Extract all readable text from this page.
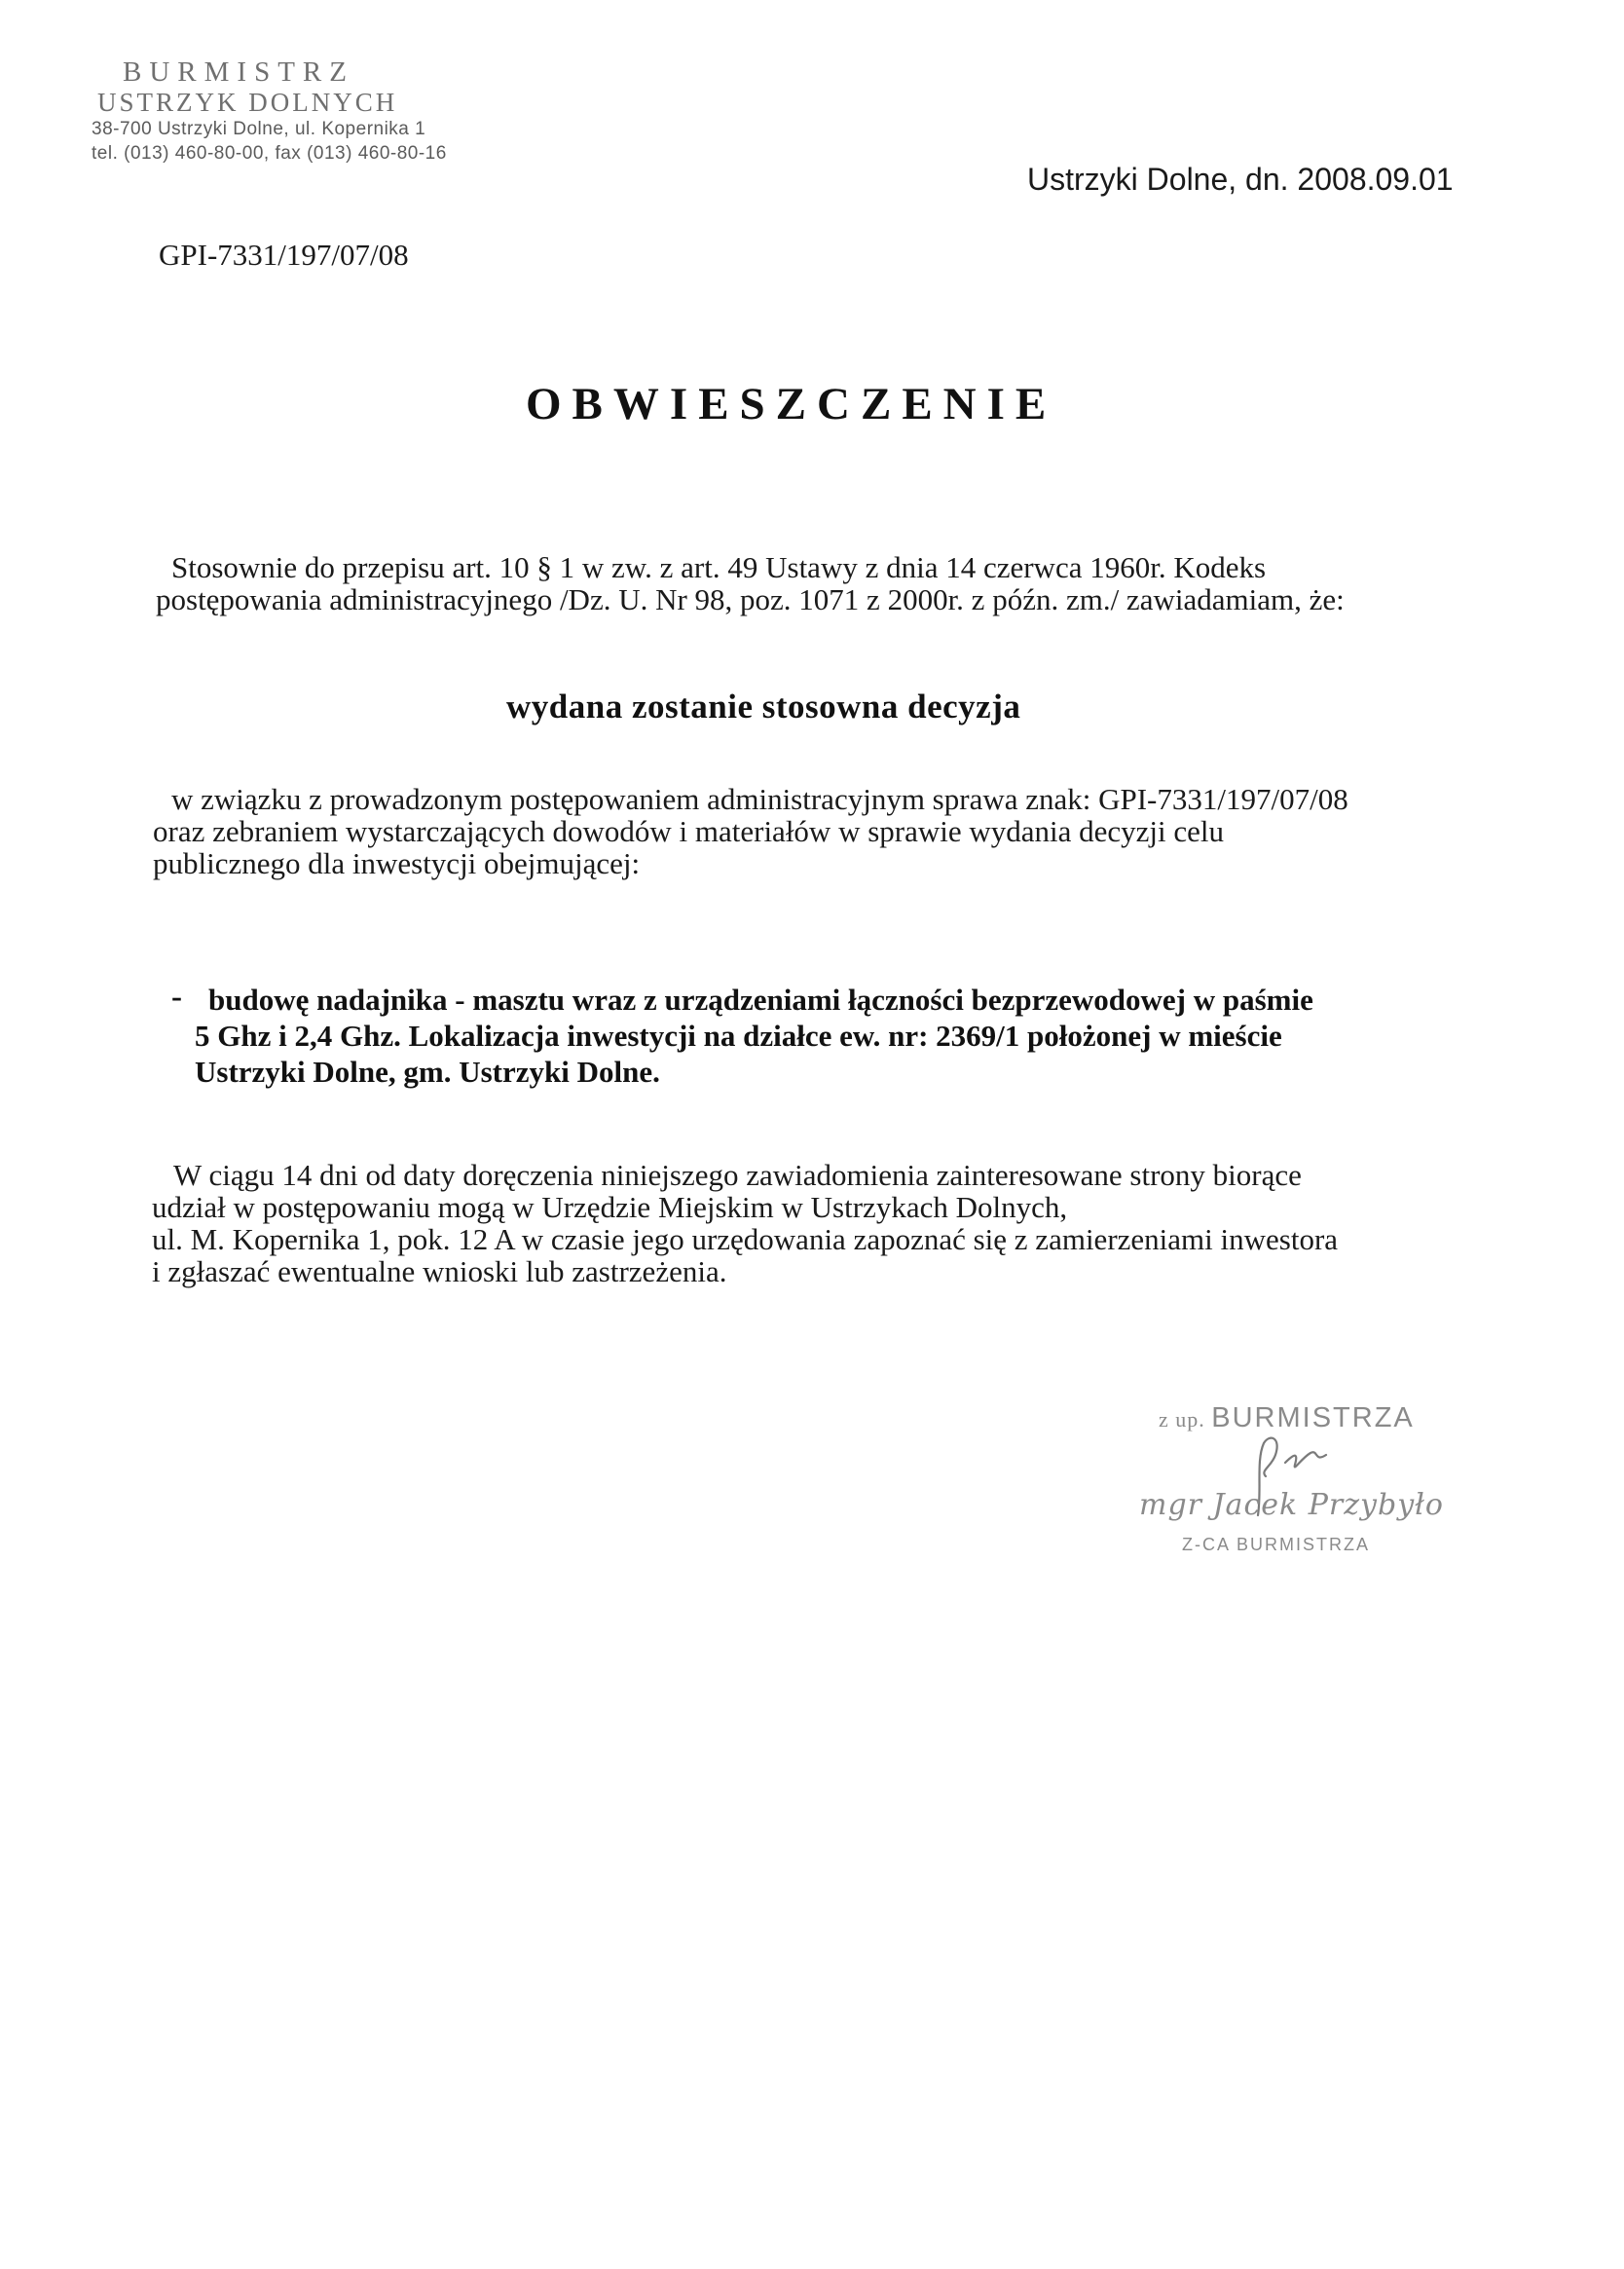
BURMISTRZ
USTRZYK DOLNYCH
38-700 Ustrzyki Dolne, ul. Kopernika 1
tel. (013) 460-80-00, fax (013) 460-80-16
Ustrzyki Dolne, dn. 2008.09.01
GPI-7331/197/07/08
OBWIESZCZENIE
Stosownie do przepisu art. 10 § 1 w zw. z art. 49 Ustawy z dnia 14 czerwca 1960r. Kodeks
postępowania administracyjnego /Dz. U. Nr 98, poz. 1071 z 2000r. z późn. zm./ zawiadamiam, że:
wydana zostanie stosowna decyzja
w związku z prowadzonym postępowaniem administracyjnym sprawa znak: GPI-7331/197/07/08
oraz zebraniem wystarczających dowodów i materiałów w sprawie wydania decyzji celu
publicznego dla inwestycji obejmującej:
- budowę nadajnika - masztu wraz z urządzeniami łączności bezprzewodowej w paśmie
5 Ghz i 2,4 Ghz. Lokalizacja inwestycji na działce ew. nr: 2369/1 położonej w mieście
Ustrzyki Dolne, gm. Ustrzyki Dolne.
W ciągu 14 dni od daty doręczenia niniejszego zawiadomienia zainteresowane strony biorące
udział w postępowaniu mogą w Urzędzie Miejskim w Ustrzykach Dolnych,
ul. M. Kopernika 1, pok. 12 A w czasie jego urzędowania zapoznać się z zamierzeniami inwestora
i zgłaszać ewentualne wnioski lub zastrzeżenia.
z up. BURMISTRZA
mgr Jacek Przybyło
Z-CA BURMISTRZA
